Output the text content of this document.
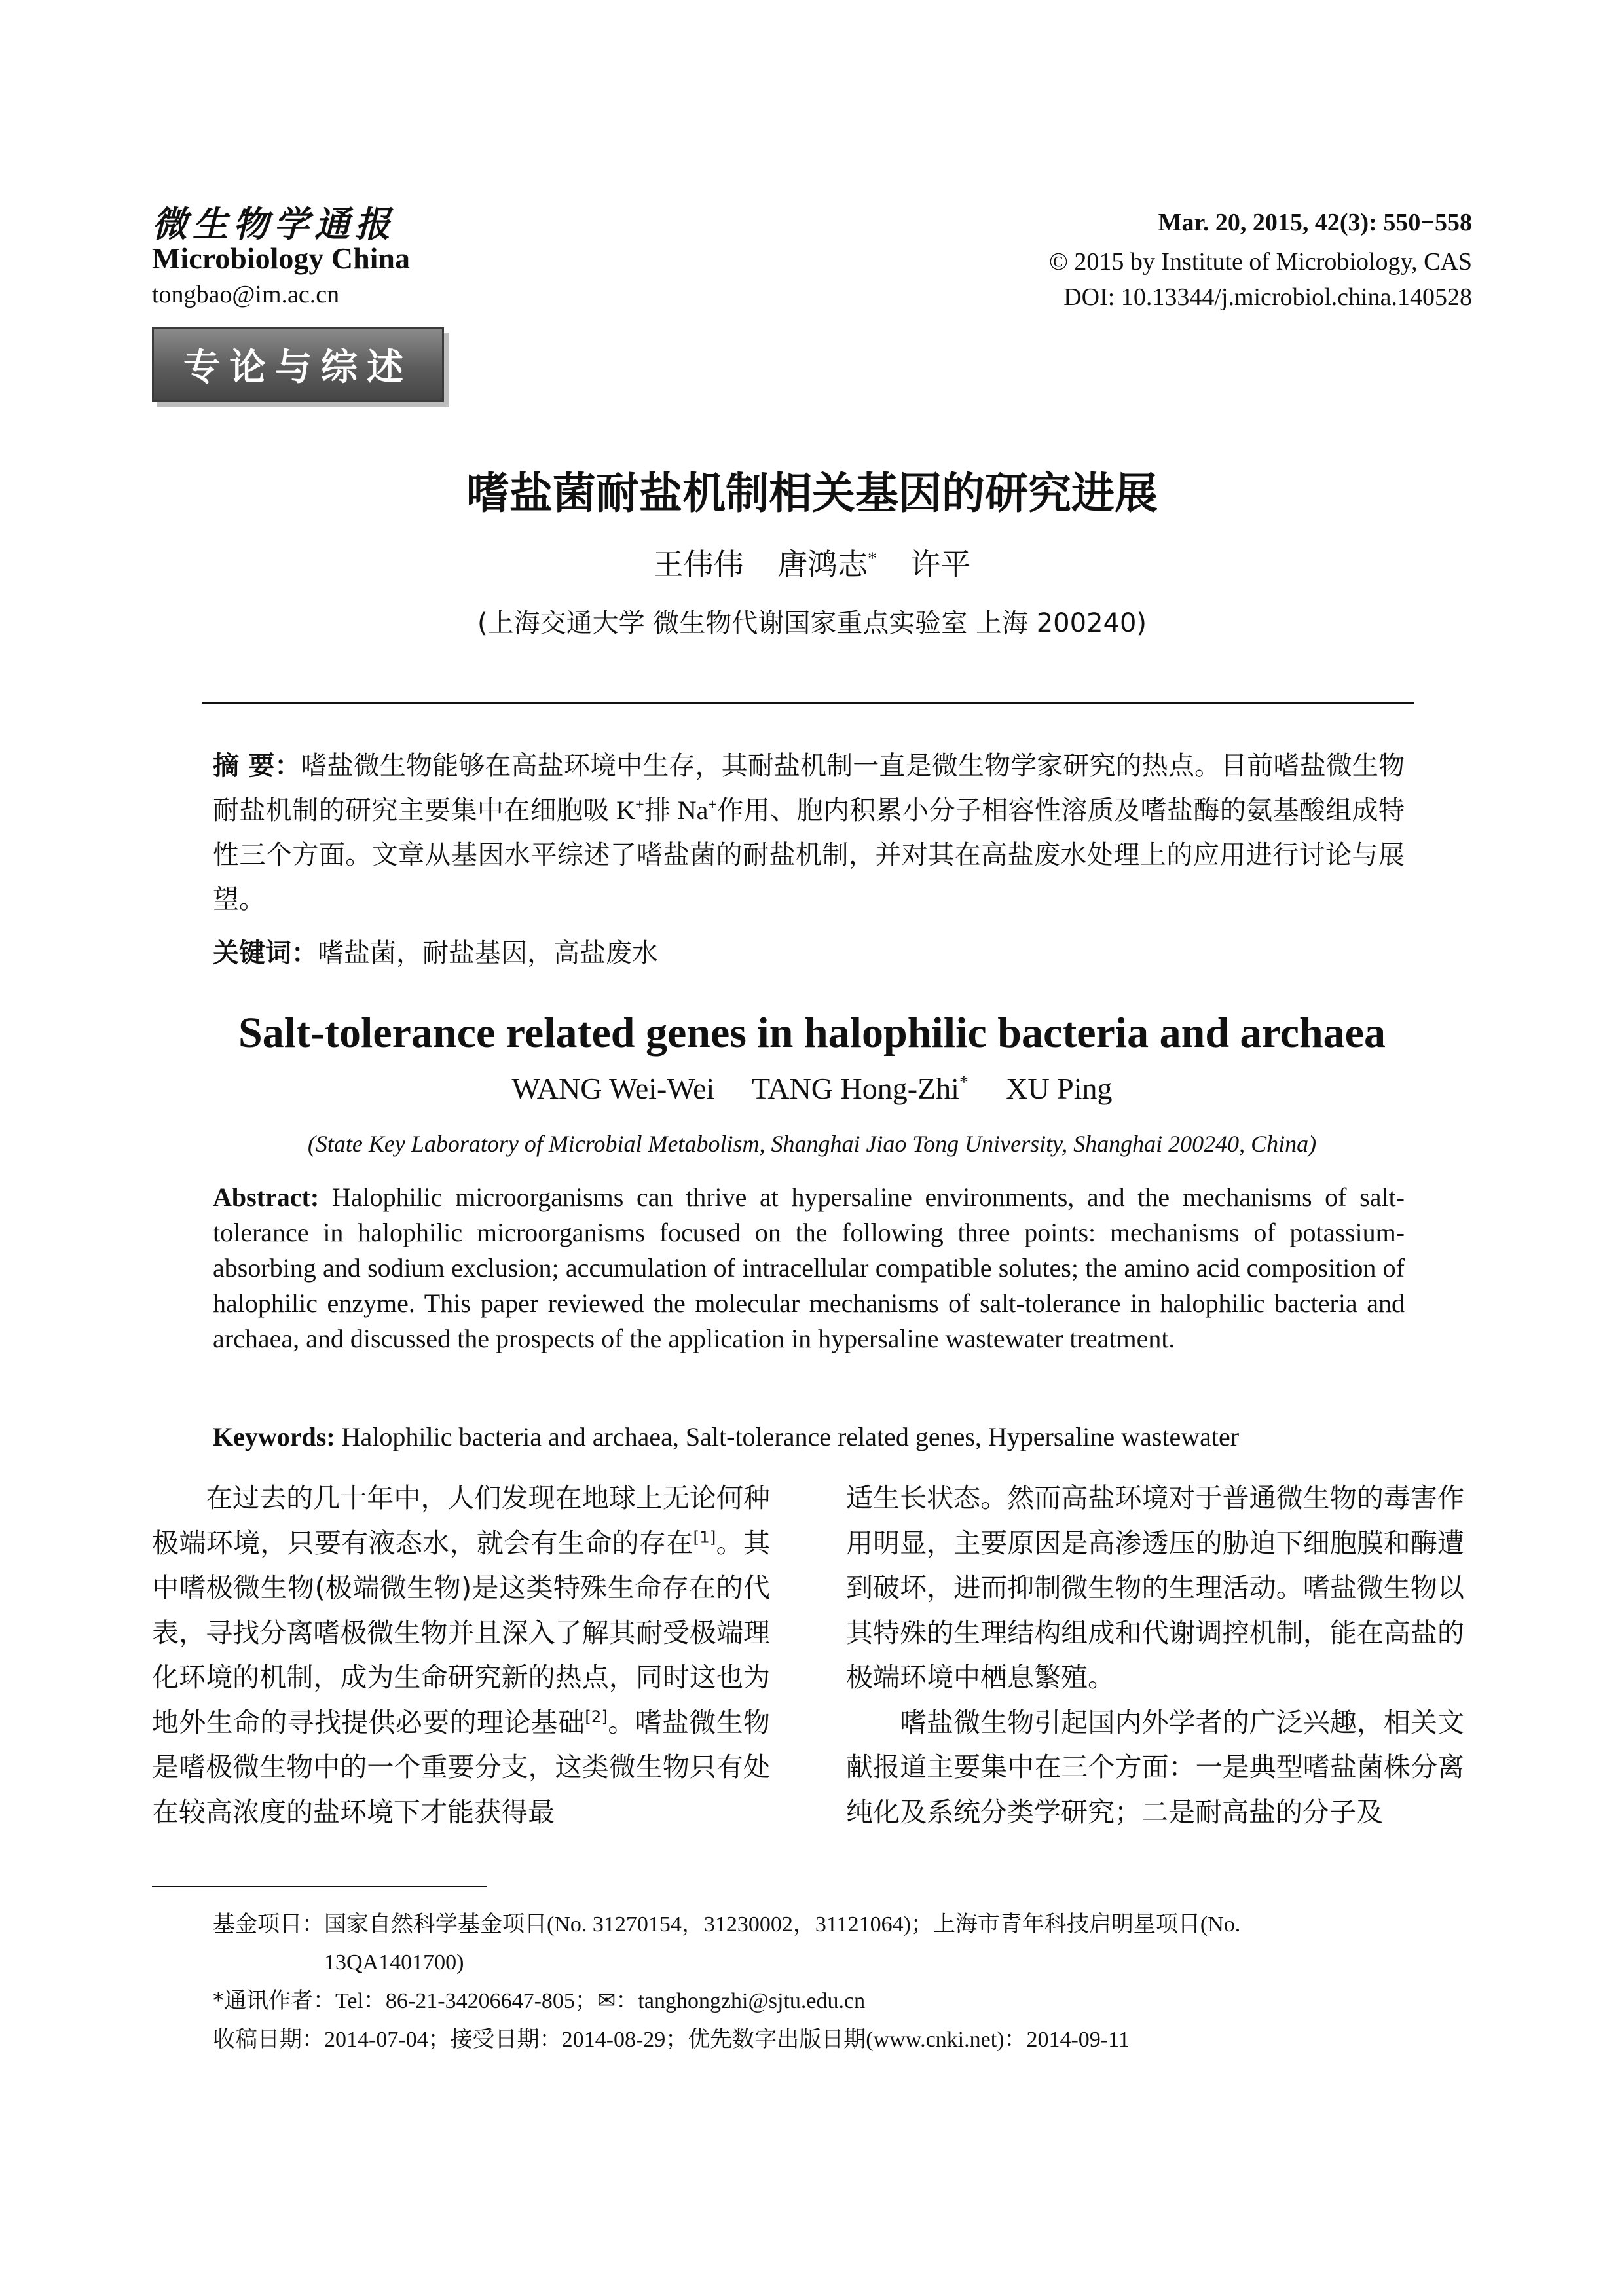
微生物学通报
Microbiology China
tongbao@im.ac.cn
专论与综述
Mar. 20, 2015, 42(3): 550−558
© 2015 by Institute of Microbiology, CAS
DOI: 10.13344/j.microbiol.china.140528
嗜盐菌耐盐机制相关基因的研究进展
王伟伟 唐鸿志* 许平
(上海交通大学 微生物代谢国家重点实验室 上海 200240)
摘 要：嗜盐微生物能够在高盐环境中生存，其耐盐机制一直是微生物学家研究的热点。目前嗜盐微生物耐盐机制的研究主要集中在细胞吸 K+排 Na+作用、胞内积累小分子相容性溶质及嗜盐酶的氨基酸组成特性三个方面。文章从基因水平综述了嗜盐菌的耐盐机制，并对其在高盐废水处理上的应用进行讨论与展望。
关键词：嗜盐菌，耐盐基因，高盐废水
Salt-tolerance related genes in halophilic bacteria and archaea
WANG Wei-Wei TANG Hong-Zhi* XU Ping
(State Key Laboratory of Microbial Metabolism, Shanghai Jiao Tong University, Shanghai 200240, China)
Abstract: Halophilic microorganisms can thrive at hypersaline environments, and the mechanisms of salt-tolerance in halophilic microorganisms focused on the following three points: mechanisms of potassium-absorbing and sodium exclusion; accumulation of intracellular compatible solutes; the amino acid composition of halophilic enzyme. This paper reviewed the molecular mechanisms of salt-tolerance in halophilic bacteria and archaea, and discussed the prospects of the application in hypersaline wastewater treatment.
Keywords: Halophilic bacteria and archaea, Salt-tolerance related genes, Hypersaline wastewater

在过去的几十年中，人们发现在地球上无论何种极端环境，只要有液态水，就会有生命的存在[1]。其中嗜极微生物(极端微生物)是这类特殊生命存在的代表，寻找分离嗜极微生物并且深入了解其耐受极端理化环境的机制，成为生命研究新的热点，同时这也为地外生命的寻找提供必要的理论基础[2]。嗜盐微生物是嗜极微生物中的一个重要分支，这类微生物只有处在较高浓度的盐环境下才能获得最

适生长状态。然而高盐环境对于普通微生物的毒害作用明显，主要原因是高渗透压的胁迫下细胞膜和酶遭到破坏，进而抑制微生物的生理活动。嗜盐微生物以其特殊的生理结构组成和代谢调控机制，能在高盐的极端环境中栖息繁殖。

嗜盐微生物引起国内外学者的广泛兴趣，相关文献报道主要集中在三个方面：一是典型嗜盐菌株分离纯化及系统分类学研究；二是耐高盐的分子及

基金项目：国家自然科学基金项目(No. 31270154，31230002，31121064)；上海市青年科技启明星项目(No.

13QA1401700)

*通讯作者：Tel：86-21-34206647-805；✉：tanghongzhi@sjtu.edu.cn

收稿日期：2014-07-04；接受日期：2014-08-29；优先数字出版日期(www.cnki.net)：2014-09-11
